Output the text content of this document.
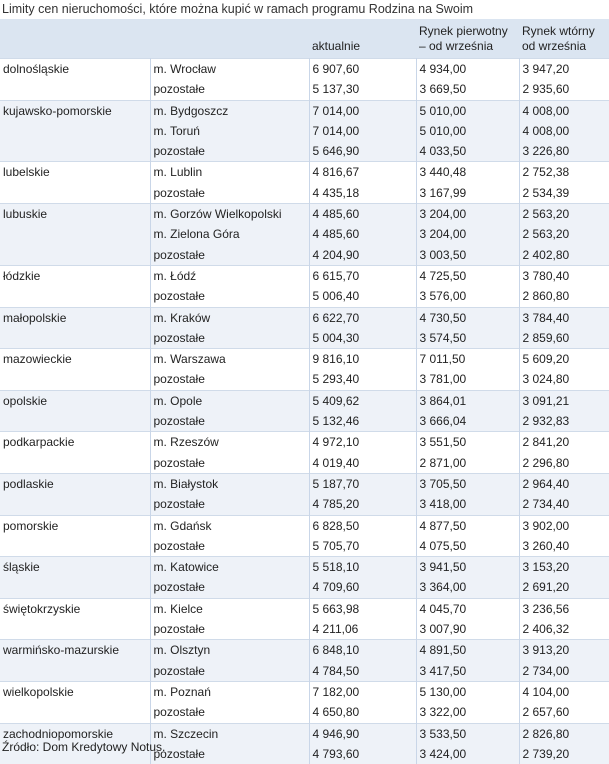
Limity cen nieruchomości, które można kupić w ramach programu Rodzina na Swoim
		aktualnie	Rynek pierwotny – od września	Rynek wtórny od września
dolnośląskie	m. Wrocław	6 907,60	4 934,00	3 947,20
	pozostałe	5 137,30	3 669,50	2 935,60
kujawsko-pomorskie	m. Bydgoszcz	7 014,00	5 010,00	4 008,00
	m. Toruń	7 014,00	5 010,00	4 008,00
	pozostałe	5 646,90	4 033,50	3 226,80
lubelskie	m. Lublin	4 816,67	3 440,48	2 752,38
	pozostałe	4 435,18	3 167,99	2 534,39
lubuskie	m. Gorzów Wielkopolski	4 485,60	3 204,00	2 563,20
	m. Zielona Góra	4 485,60	3 204,00	2 563,20
	pozostałe	4 204,90	3 003,50	2 402,80
łódzkie	m. Łódź	6 615,70	4 725,50	3 780,40
	pozostałe	5 006,40	3 576,00	2 860,80
małopolskie	m. Kraków	6 622,70	4 730,50	3 784,40
	pozostałe	5 004,30	3 574,50	2 859,60
mazowieckie	m. Warszawa	9 816,10	7 011,50	5 609,20
	pozostałe	5 293,40	3 781,00	3 024,80
opolskie	m. Opole	5 409,62	3 864,01	3 091,21
	pozostałe	5 132,46	3 666,04	2 932,83
podkarpackie	m. Rzeszów	4 972,10	3 551,50	2 841,20
	pozostałe	4 019,40	2 871,00	2 296,80
podlaskie	m. Białystok	5 187,70	3 705,50	2 964,40
	pozostałe	4 785,20	3 418,00	2 734,40
pomorskie	m. Gdańsk	6 828,50	4 877,50	3 902,00
	pozostałe	5 705,70	4 075,50	3 260,40
śląskie	m. Katowice	5 518,10	3 941,50	3 153,20
	pozostałe	4 709,60	3 364,00	2 691,20
świętokrzyskie	m. Kielce	5 663,98	4 045,70	3 236,56
	pozostałe	4 211,06	3 007,90	2 406,32
warmińsko-mazurskie	m. Olsztyn	6 848,10	4 891,50	3 913,20
	pozostałe	4 784,50	3 417,50	2 734,00
wielkopolskie	m. Poznań	7 182,00	5 130,00	4 104,00
	pozostałe	4 650,80	3 322,00	2 657,60
zachodniopomorskie	m. Szczecin	4 946,90	3 533,50	2 826,80
	pozostałe	4 793,60	3 424,00	2 739,20
Źródło: Dom Kredytowy Notus.
